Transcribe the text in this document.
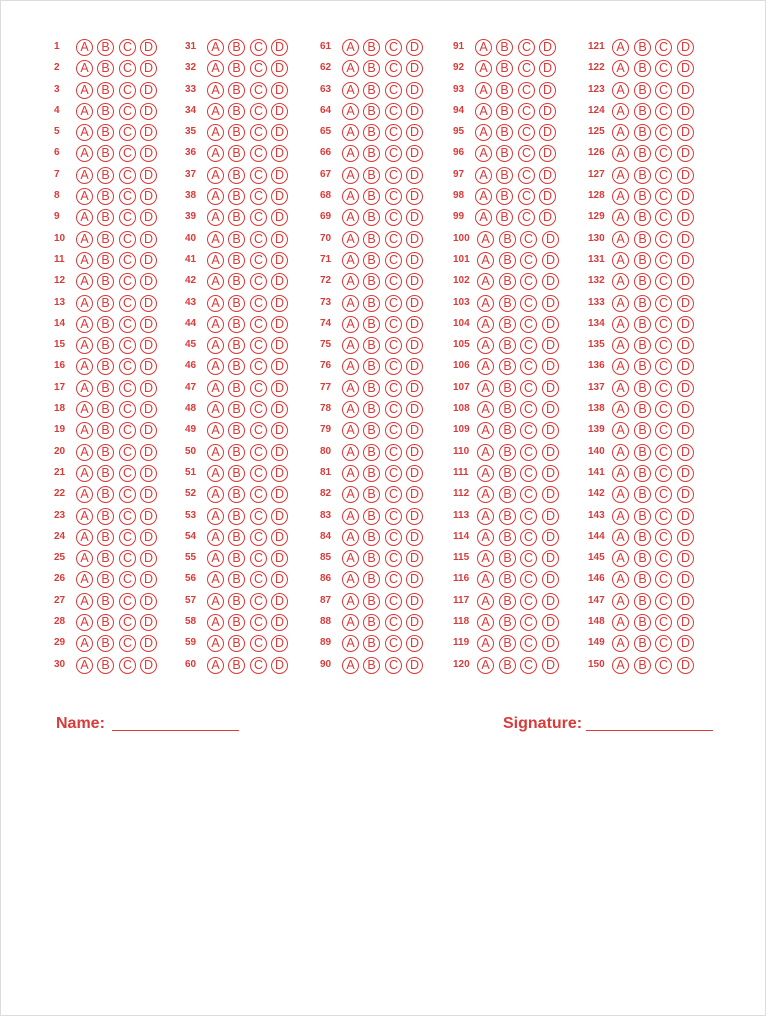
1	A	B	C D
2	A	B	C D
3	A	B	C D
4	A	B	C D
5	A	B	C D
6	A	B	C D
7	A	B	C D
8	A	B	C D
9	A	B	C D
10	A	B	C D
11	A	B	C D
12	A	B	C D
13	A	B	C D
14	A	B	C D
15	A	B	C D
16	A	B	C D
17	A	B	C D
18	A	B	C D
19	A	B	C D
20	A	B	C D
21	A	B	C D
22	A	B	C D
23	A	B	C D
24	A	B	C D
25	A	B	C D
26	A	B	C D
27	A	B	C D
28	A	B	C D
29	A	B	C D
30	A	B	C D
31	A	B	C D
32	A	B	C D
33	A	B	C D
34	A	B	C D
35	A	B	C D
36	A	B	C D
37	A	B	C D
38	A	B	C D
39	A	B	C D
40	A	B	C D
41	A	B	C D
42	A	B	C D
43	A	B	C D
44	A	B	C D
45	A	B	C D
46	A	B	C D
47	A	B	C D
48	A	B	C D
49	A	B	C D
50	A	B	C D
51	A	B	C D
52	A	B	C D
53	A	B	C D
54	A	B	C D
55	A	B	C D
56	A	B	C D
57	A	B	C D
58	A	B	C D
59	A	B	C D
60	A	B	C D
61	A	B	C D
62	A	B	C D
63	A	B	C D
64	A	B	C D
65	A	B	C D
66	A	B	C D
67	A	B	C D
68	A	B	C D
69	A	B	C D
70	A	B	C D
71	A	B	C D
72	A	B	C D
73	A	B	C D
74	A	B	C D
75	A	B	C D
76	A	B	C D
77	A	B	C D
78	A	B	C D
79	A	B	C D
80	A	B	C D
81	A	B	C D
82	A	B	C D
83	A	B	C D
84	A	B	C D
85	A	B	C D
86	A	B	C D
87	A	B	C D
88	A	B	C D
89	A	B	C D
90	A	B	C D
91	A	B	C D
92	A	B	C D
93	A	B	C D
94	A	B	C D
95	A	B	C D
96	A	B	C D
97	A	B	C D
98	A	B	C D
99	A	B	C D
100 A	B C	D
101 A	B C	D
102 A	B C	D
103 A	B C	D
104 A	B C	D
105 A	B C	D
106 A	B C	D
107 A	B C	D
108 A	B C	D
109 A	B C	D
110 A	B C	D
111	A	B C	D
112 A	B C	D
113 A	B C	D
114 A	B C	D
115 A	B C	D
116 A	B C	D
117 A	B C	D
118 A	B C	D
119 A	B C	D
120 A	B C	D
121 A	B C	D
122 A	B C	D
123 A	B C	D
124 A	B C	D
125 A	B C	D
126 A	B C	D
127 A	B C	D
128 A	B C	D
129 A	B C	D
130 A	B C	D
131 A	B C	D
132 A	B C	D
133 A	B C	D
134 A	B C	D
135 A	B C	D
136 A	B C	D
137 A	B C	D
138 A	B C	D
139 A	B C	D
140 A	B C	D
141 A	B C	D
142 A	B C	D
143 A	B C	D
144 A	B C	D
145 A	B C	D
146 A	B C	D
147 A	B C	D
148 A	B C	D
149 A	B C	D
150 A	B C	D
Name:	Signature:
